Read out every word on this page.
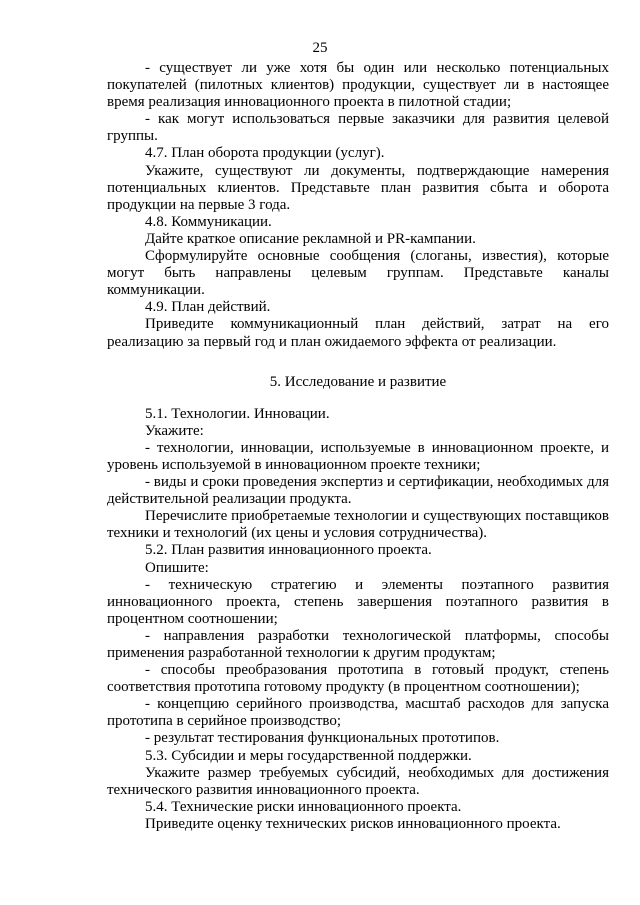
25

- существует ли уже хотя бы один или несколько потенциальных покупателей (пилотных клиентов) продукции, существует ли в настоящее время реализация инновационного проекта в пилотной стадии;

- как могут использоваться первые заказчики для развития целевой группы.

4.7. План оборота продукции (услуг).

Укажите, существуют ли документы, подтверждающие намерения потенциальных клиентов. Представьте план развития сбыта и оборота продукции на первые 3 года.

4.8. Коммуникации.

Дайте краткое описание рекламной и PR-кампании.

Сформулируйте основные сообщения (слоганы, известия), которые могут быть направлены целевым группам. Представьте каналы коммуникации.

4.9. План действий.

Приведите коммуникационный план действий, затрат на его реализацию за первый год и план ожидаемого эффекта от реализации.

5. Исследование и развитие

5.1. Технологии. Инновации.

Укажите:

- технологии, инновации, используемые в инновационном проекте, и уровень используемой в инновационном проекте техники;

- виды и сроки проведения экспертиз и сертификации, необходимых для действительной реализации продукта.

Перечислите приобретаемые технологии и существующих поставщиков техники и технологий (их цены и условия сотрудничества).

5.2. План развития инновационного проекта.

Опишите:

- техническую стратегию и элементы поэтапного развития инновационного проекта, степень завершения поэтапного развития в процентном соотношении;

- направления разработки технологической платформы, способы применения разработанной технологии к другим продуктам;

- способы преобразования прототипа в готовый продукт, степень соответствия прототипа готовому продукту (в процентном соотношении);

- концепцию серийного производства, масштаб расходов для запуска прототипа в серийное производство;

- результат тестирования функциональных прототипов.

5.3. Субсидии и меры государственной поддержки.

Укажите размер требуемых субсидий, необходимых для достижения технического развития инновационного проекта.

5.4. Технические риски инновационного проекта.

Приведите оценку технических рисков инновационного проекта.
